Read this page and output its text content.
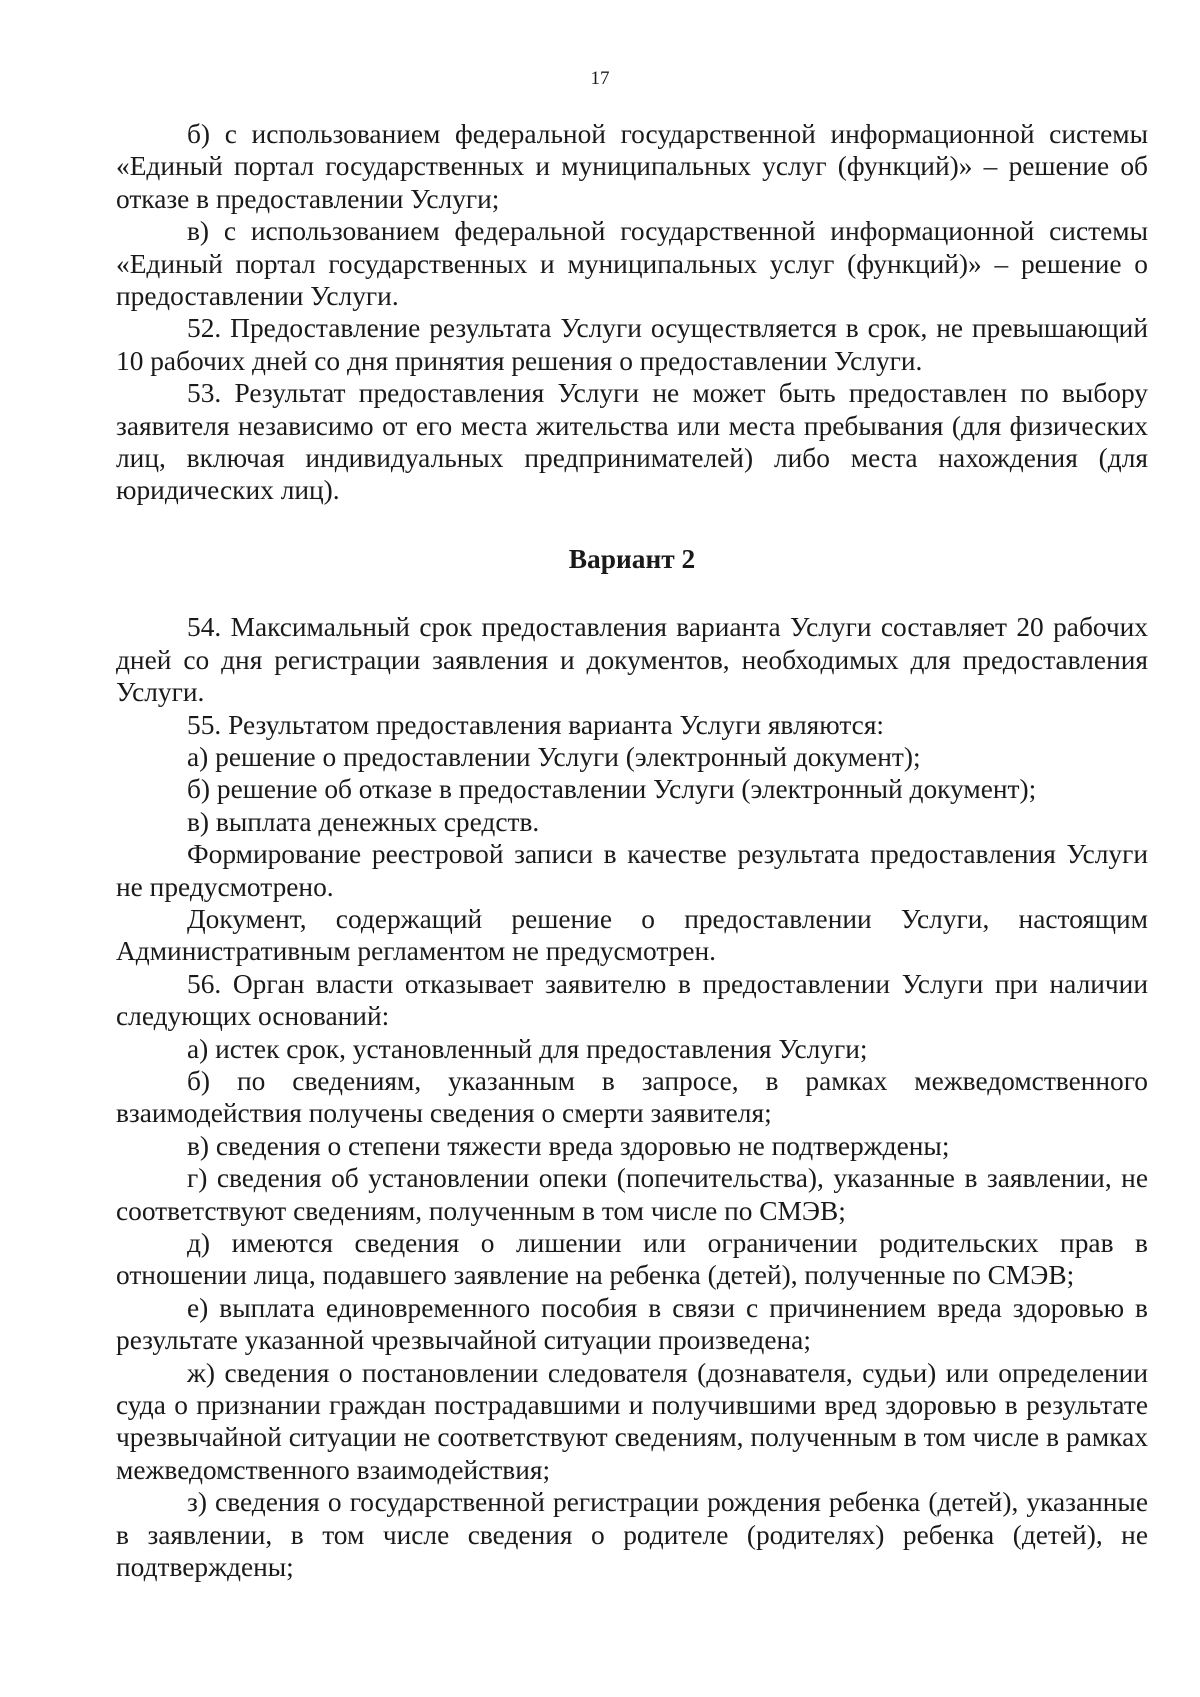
17

б) с использованием федеральной государственной информационной системы «Единый портал государственных и муниципальных услуг (функций)» – решение об отказе в предоставлении Услуги;

в) с использованием федеральной государственной информационной системы «Единый портал государственных и муниципальных услуг (функций)» – решение о предоставлении Услуги.

52. Предоставление результата Услуги осуществляется в срок, не превышающий 10 рабочих дней со дня принятия решения о предоставлении Услуги.

53. Результат предоставления Услуги не может быть предоставлен по выбору заявителя независимо от его места жительства или места пребывания (для физических лиц, включая индивидуальных предпринимателей) либо места нахождения (для юридических лиц).

Вариант 2

54. Максимальный срок предоставления варианта Услуги составляет 20 рабочих дней со дня регистрации заявления и документов, необходимых для предоставления Услуги.

55. Результатом предоставления варианта Услуги являются:

а) решение о предоставлении Услуги (электронный документ);

б) решение об отказе в предоставлении Услуги (электронный документ);

в) выплата денежных средств.

Формирование реестровой записи в качестве результата предоставления Услуги не предусмотрено.

Документ, содержащий решение о предоставлении Услуги, настоящим Административным регламентом не предусмотрен.

56. Орган власти отказывает заявителю в предоставлении Услуги при наличии следующих оснований:

а) истек срок, установленный для предоставления Услуги;

б) по сведениям, указанным в запросе, в рамках межведомственного взаимодействия получены сведения о смерти заявителя;

в) сведения о степени тяжести вреда здоровью не подтверждены;

г) сведения об установлении опеки (попечительства), указанные в заявлении, не соответствуют сведениям, полученным в том числе по СМЭВ;

д) имеются сведения о лишении или ограничении родительских прав в отношении лица, подавшего заявление на ребенка (детей), полученные по СМЭВ;

е) выплата единовременного пособия в связи с причинением вреда здоровью в результате указанной чрезвычайной ситуации произведена;

ж) сведения о постановлении следователя (дознавателя, судьи) или определении суда о признании граждан пострадавшими и получившими вред здоровью в результате чрезвычайной ситуации не соответствуют сведениям, полученным в том числе в рамках межведомственного взаимодействия;

з) сведения о государственной регистрации рождения ребенка (детей), указанные в заявлении, в том числе сведения о родителе (родителях) ребенка (детей), не подтверждены;
